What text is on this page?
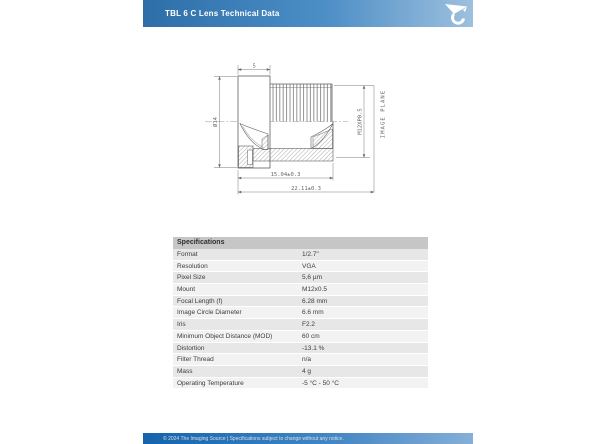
TBL 6 C Lens Technical Data
5
Ø14	M12XP0.5	IMAGE PLANE
15.04±0.3
22.11±0.3
Specifications
Format	1/2.7"
Resolution	VGA
Pixel Size	5,6 µm
Mount	M12x0.5
Focal Length (f)	6.28 mm
Image Circle Diameter	6.6 mm
Iris	F2.2
Minimum Object Distance (MOD)	60 cm
Distortion	-13.1 %
Filter Thread	n/a
Mass	4 g
Operating Temperature	-5 °C - 50 °C
© 2024 The Imaging Source | Specifications subject to change without any notice.
